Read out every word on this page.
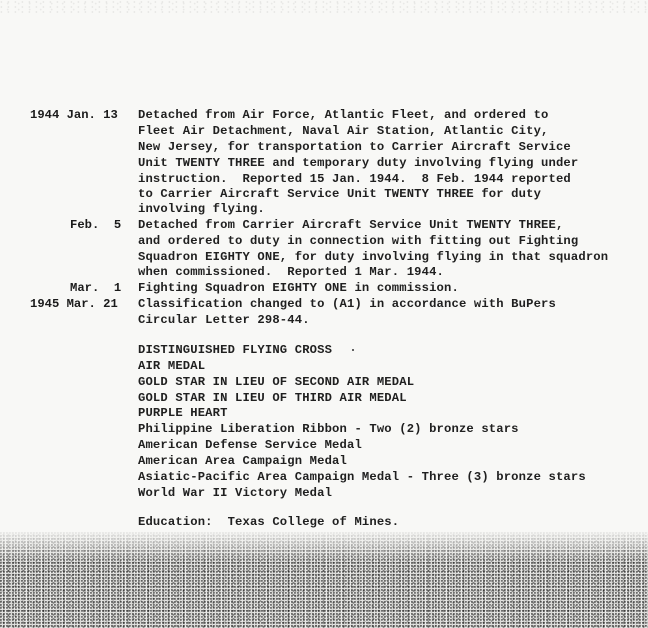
1944 Jan. 13 Detached from Air Force, Atlantic Fleet, and ordered to
Fleet Air Detachment, Naval Air Station, Atlantic City,
New Jersey, for transportation to Carrier Aircraft Service
Unit TWENTY THREE and temporary duty involving flying under
instruction.  Reported 15 Jan. 1944.  8 Feb. 1944 reported
to Carrier Aircraft Service Unit TWENTY THREE for duty
involving flying.
Feb.  5 Detached from Carrier Aircraft Service Unit TWENTY THREE,
and ordered to duty in connection with fitting out Fighting
Squadron EIGHTY ONE, for duty involving flying in that squadron
when commissioned.  Reported 1 Mar. 1944.
Mar.  1 Fighting Squadron EIGHTY ONE in commission.
1945 Mar. 21 Classification changed to (A1) in accordance with BuPers
Circular Letter 298-44.
DISTINGUISHED FLYING CROSS
AIR MEDAL
GOLD STAR IN LIEU OF SECOND AIR MEDAL
GOLD STAR IN LIEU OF THIRD AIR MEDAL
PURPLE HEART
Philippine Liberation Ribbon - Two (2) bronze stars
American Defense Service Medal
American Area Campaign Medal
Asiatic-Pacific Area Campaign Medal - Three (3) bronze stars
World War II Victory Medal
Education:  Texas College of Mines.
